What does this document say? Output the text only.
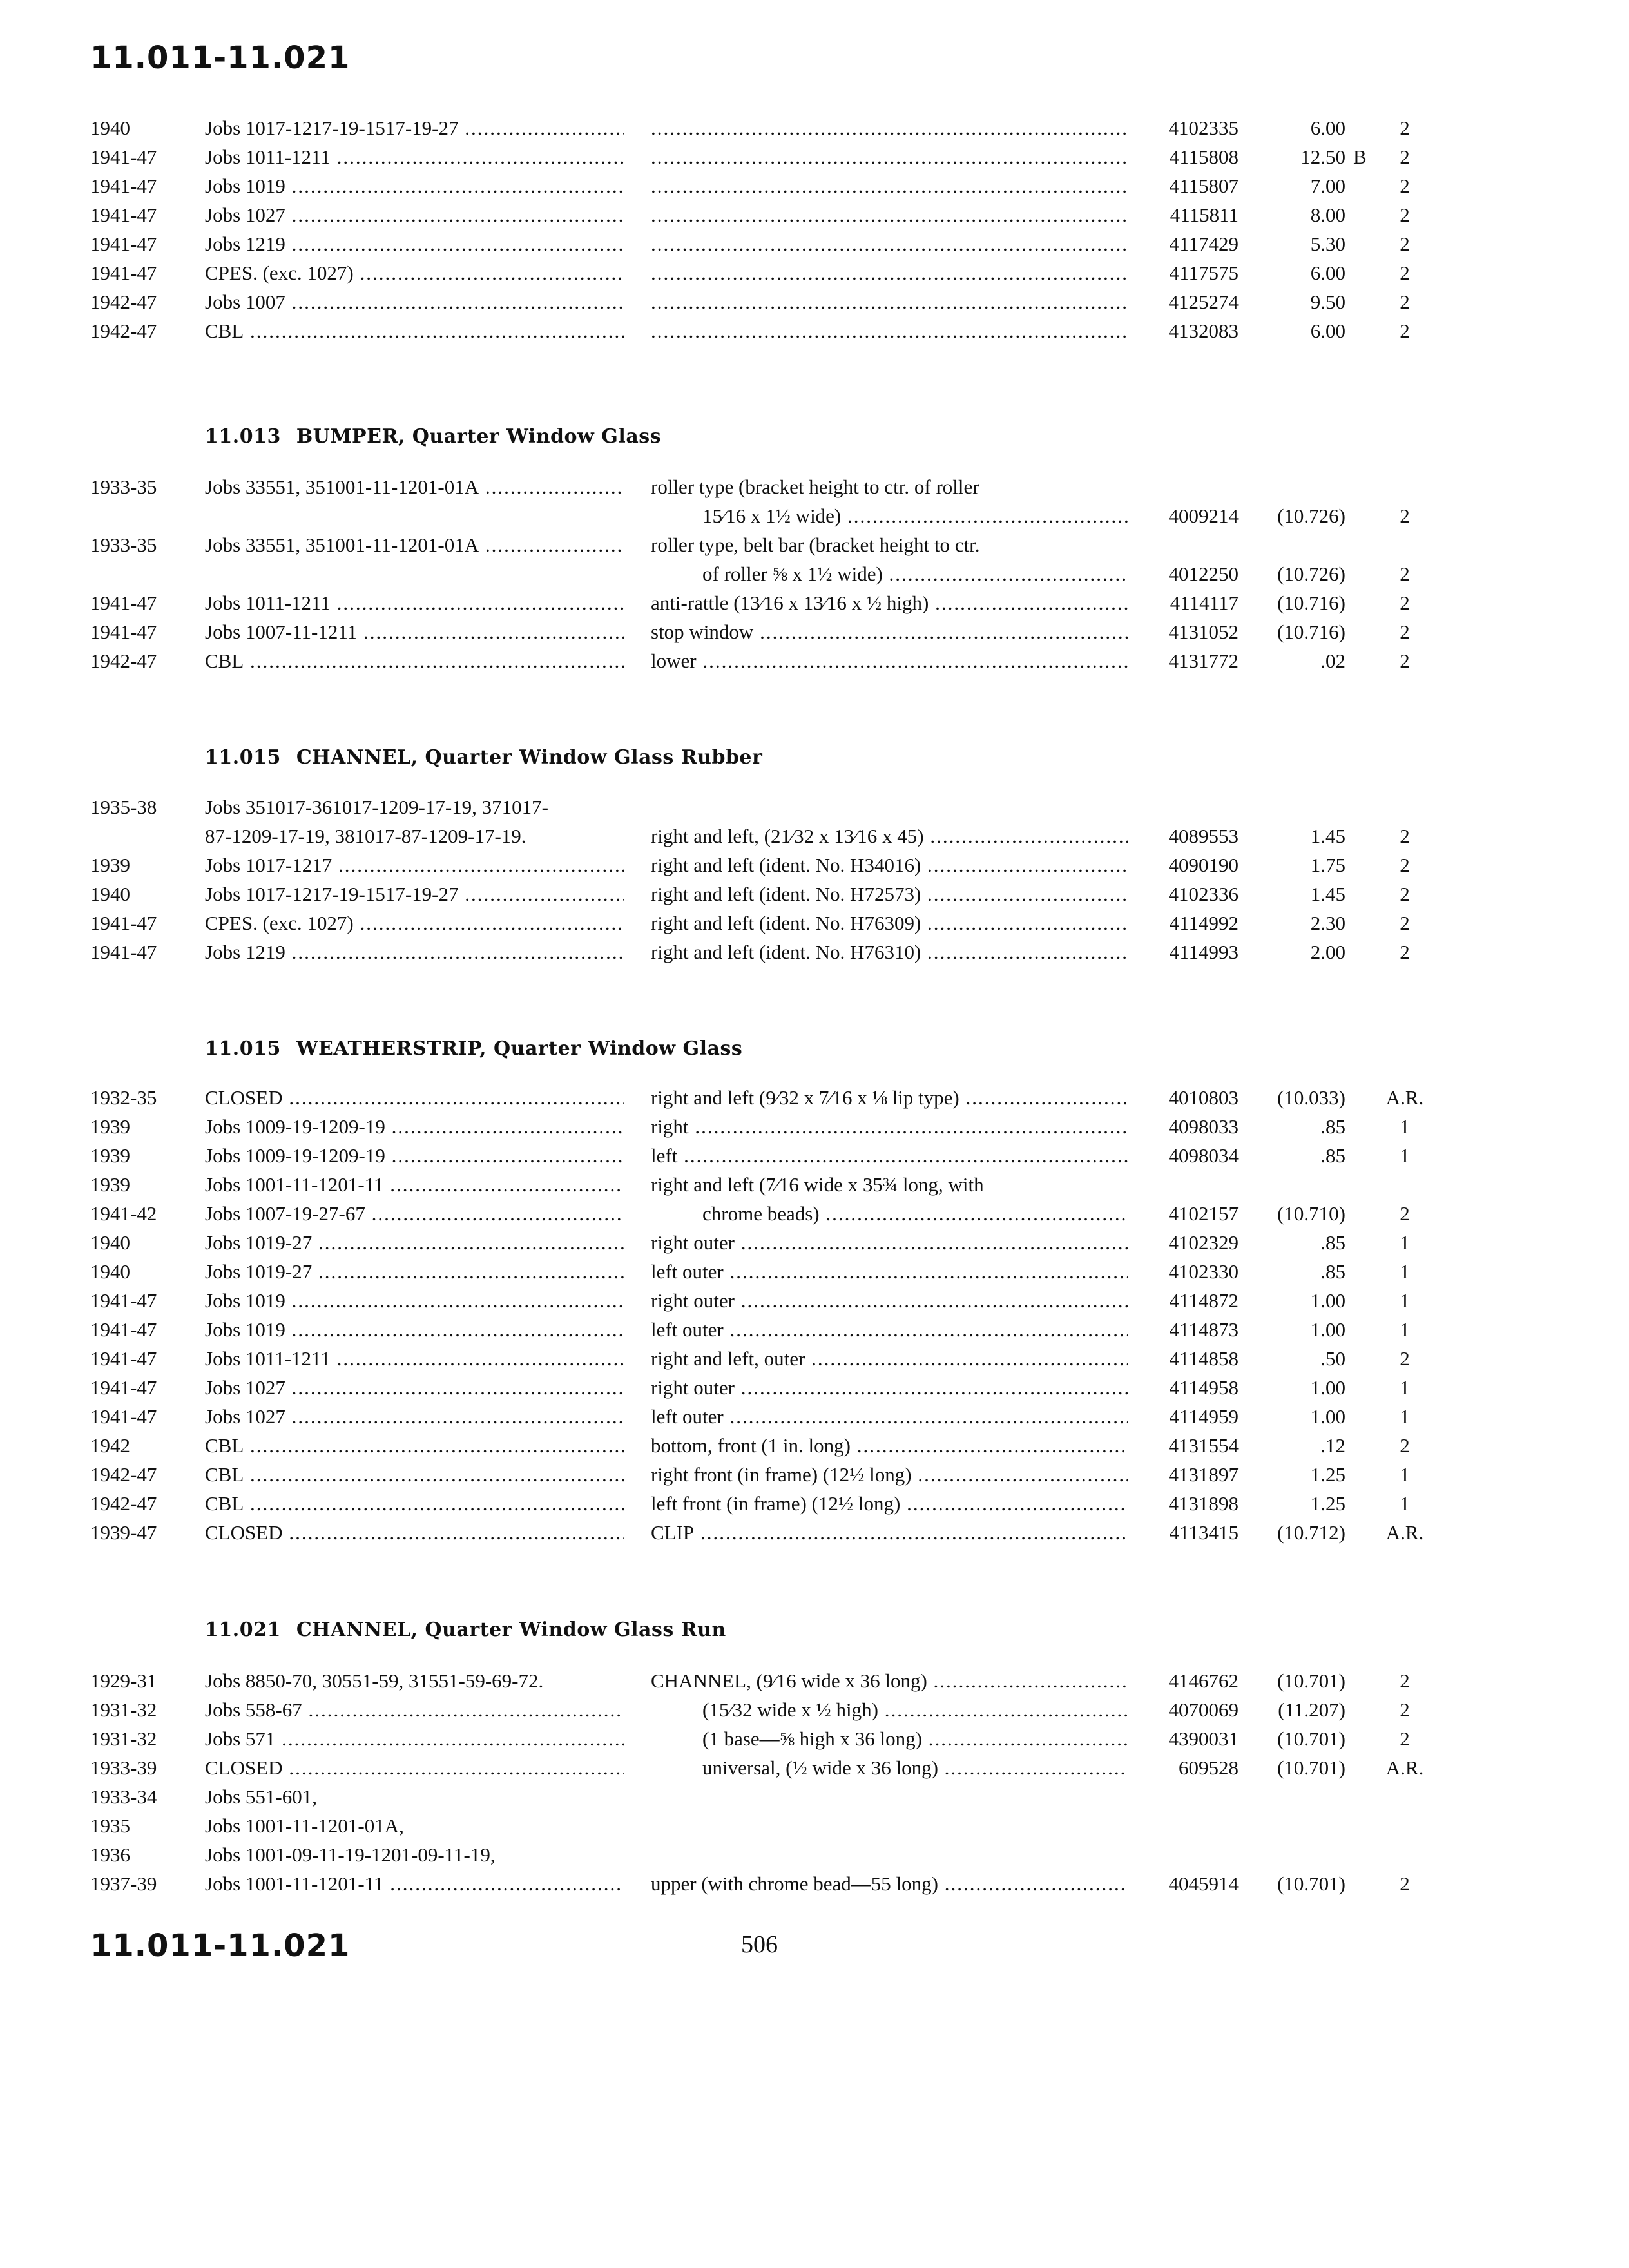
11.011-11.021
1940	Jobs 1017-1217-19-1517-19-27 ..... .....	4102335	6.00	2
1941-47	Jobs 1011-1211 ..... .....	4115808	12.50 B	2
1941-47	Jobs 1019 ..... .....	4115807	7.00	2
1941-47	Jobs 1027 ..... .....	4115811	8.00	2
1941-47	Jobs 1219 ..... .....	4117429	5.30	2
1941-47	CPES. (exc. 1027) ..... .....	4117575	6.00	2
1942-47	Jobs 1007 ..... .....	4125274	9.50	2
1942-47	CBL ..... .....	4132083	6.00	2
11.013 BUMPER, Quarter Window Glass
1933-35	Jobs 33551, 351001-11-1201-01A .....	roller type (bracket height to ctr. of roller
15⁄16 x 1½ wide) .....	4009214	(10.726)	2
1933-35	Jobs 33551, 351001-11-1201-01A .....	roller type, belt bar (bracket height to ctr.
of roller ⅝ x 1½ wide) .....	4012250	(10.726)	2
1941-47	Jobs 1011-1211 .....	anti-rattle (13⁄16 x 13⁄16 x ½ high) .....	4114117	(10.716)	2
1941-47	Jobs 1007-11-1211 .....	stop window .....	4131052	(10.716)	2
1942-47	CBL .....	lower .....	4131772	.02	2
11.015 CHANNEL, Quarter Window Glass Rubber
1935-38	Jobs 351017-361017-1209-17-19, 371017-
87-1209-17-19, 381017-87-1209-17-19.	right and left, (21⁄32 x 13⁄16 x 45) .....	4089553	1.45	2
1939	Jobs 1017-1217 .....	right and left (ident. No. H34016) .....	4090190	1.75	2
1940	Jobs 1017-1217-19-1517-19-27 .....	right and left (ident. No. H72573) .....	4102336	1.45	2
1941-47	CPES. (exc. 1027) .....	right and left (ident. No. H76309) .....	4114992	2.30	2
1941-47	Jobs 1219 .....	right and left (ident. No. H76310) .....	4114993	2.00	2
11.015 WEATHERSTRIP, Quarter Window Glass
1932-35	CLOSED .....	right and left (9⁄32 x 7⁄16 x ⅛ lip type) .....	4010803	(10.033)	A.R.
1939	Jobs 1009-19-1209-19 .....	right .....	4098033	.85	1
1939	Jobs 1009-19-1209-19 .....	left .....	4098034	.85	1
1939	Jobs 1001-11-1201-11 .....	right and left (7⁄16 wide x 35¾ long, with
1941-42	Jobs 1007-19-27-67 .....	chrome beads) .....	4102157	(10.710)	2
1940	Jobs 1019-27 .....	right outer .....	4102329	.85	1
1940	Jobs 1019-27 .....	left outer .....	4102330	.85	1
1941-47	Jobs 1019 .....	right outer .....	4114872	1.00	1
1941-47	Jobs 1019 .....	left outer .....	4114873	1.00	1
1941-47	Jobs 1011-1211 .....	right and left, outer .....	4114858	.50	2
1941-47	Jobs 1027 .....	right outer .....	4114958	1.00	1
1941-47	Jobs 1027 .....	left outer .....	4114959	1.00	1
1942	CBL .....	bottom, front (1 in. long) .....	4131554	.12	2
1942-47	CBL .....	right front (in frame) (12½ long) .....	4131897	1.25	1
1942-47	CBL .....	left front (in frame) (12½ long) .....	4131898	1.25	1
1939-47	CLOSED .....	CLIP .....	4113415	(10.712)	A.R.
11.021 CHANNEL, Quarter Window Glass Run
1929-31	Jobs 8850-70, 30551-59, 31551-59-69-72.	CHANNEL, (9⁄16 wide x 36 long) .....	4146762	(10.701)	2
1931-32	Jobs 558-67 .....	(15⁄32 wide x ½ high) .....	4070069	(11.207)	2
1931-32	Jobs 571 .....	(1 base—⅝ high x 36 long) .....	4390031	(10.701)	2
1933-39	CLOSED .....	universal, (½ wide x 36 long) .....	609528	(10.701)	A.R.
1933-34	Jobs 551-601,
1935	Jobs 1001-11-1201-01A,
1936	Jobs 1001-09-11-19-1201-09-11-19,
1937-39	Jobs 1001-11-1201-11 .....	upper (with chrome bead—55 long) .....	4045914	(10.701)	2
11.011-11.021	506
